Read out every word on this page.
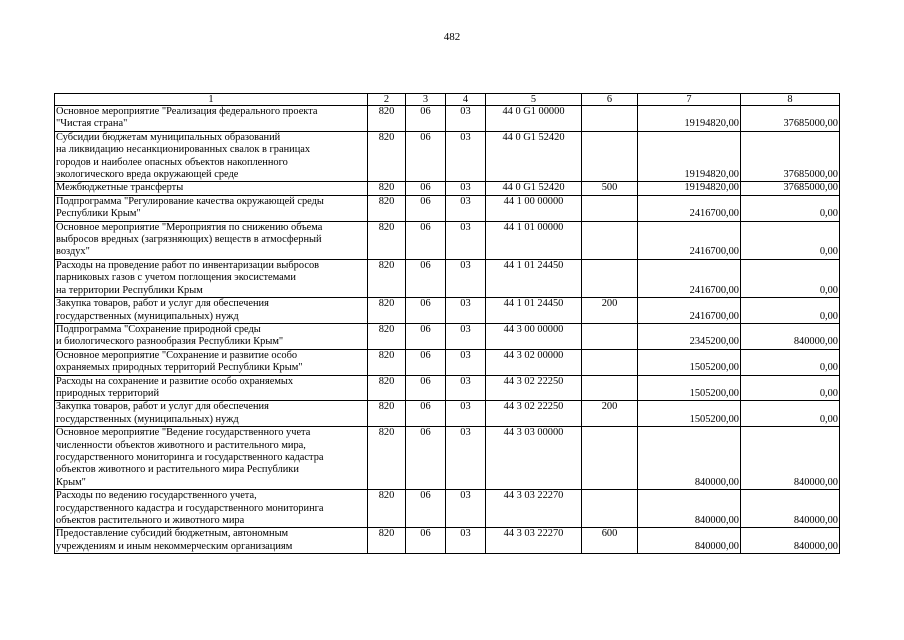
482
1	2	3	4	5	6	7	8
Основное мероприятие "Реализация федерального проекта
"Чистая страна"	820	06	03	44 0 G1 00000		19194820,00	37685000,00
Субсидии бюджетам муниципальных образований
на ликвидацию несанкционированных свалок в границах
городов и наиболее опасных объектов накопленного
экологического вреда окружающей среде	820	06	03	44 0 G1 52420		19194820,00	37685000,00
Межбюджетные трансферты	820	06	03	44 0 G1 52420	500	19194820,00	37685000,00
Подпрограмма "Регулирование качества окружающей среды
Республики Крым"	820	06	03	44 1 00 00000		2416700,00	0,00
Основное мероприятие "Мероприятия по снижению объема
выбросов вредных (загрязняющих) веществ в атмосферный
воздух"	820	06	03	44 1 01 00000		2416700,00	0,00
Расходы на проведение работ по инвентаризации выбросов
парниковых газов с учетом поглощения экосистемами
на территории Республики Крым	820	06	03	44 1 01 24450		2416700,00	0,00
Закупка товаров, работ и услуг для обеспечения
государственных (муниципальных) нужд	820	06	03	44 1 01 24450	200	2416700,00	0,00
Подпрограмма "Сохранение природной среды
и биологического разнообразия Республики Крым"	820	06	03	44 3 00 00000		2345200,00	840000,00
Основное мероприятие "Сохранение и развитие особо
охраняемых природных территорий Республики Крым"	820	06	03	44 3 02 00000		1505200,00	0,00
Расходы на сохранение и развитие особо охраняемых
природных территорий	820	06	03	44 3 02 22250		1505200,00	0,00
Закупка товаров, работ и услуг для обеспечения
государственных (муниципальных) нужд	820	06	03	44 3 02 22250	200	1505200,00	0,00
Основное мероприятие "Ведение государственного учета
численности объектов животного и растительного мира,
государственного мониторинга и государственного кадастра
объектов животного и растительного мира Республики
Крым"	820	06	03	44 3 03 00000		840000,00	840000,00
Расходы по ведению государственного учета,
государственного кадастра и государственного мониторинга
объектов растительного и животного мира	820	06	03	44 3 03 22270		840000,00	840000,00
Предоставление субсидий бюджетным, автономным
учреждениям и иным некоммерческим организациям	820	06	03	44 3 03 22270	600	840000,00	840000,00
